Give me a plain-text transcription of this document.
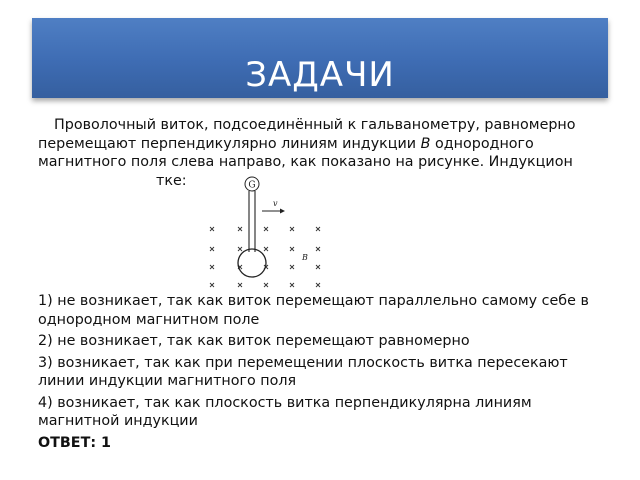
ЗАДАЧИ
Проволочный виток, подсоединённый к гальванометру, равномерно перемещают перпендикулярно линиям индукции B однородного магнитного поля слева направо, как показано на рисунке. Индукционтке:	G
v
B
1) не возникает, так как виток перемещают параллельно самому себе в однородном магнитном поле
2) не возникает, так как виток перемещают равномерно
3) возникает, так как при перемещении плоскость витка пересекают линии индукции магнитного поля
4) возникает, так как плоскость витка перпендикулярна линиям магнитной индукции
ОТВЕТ: 1
